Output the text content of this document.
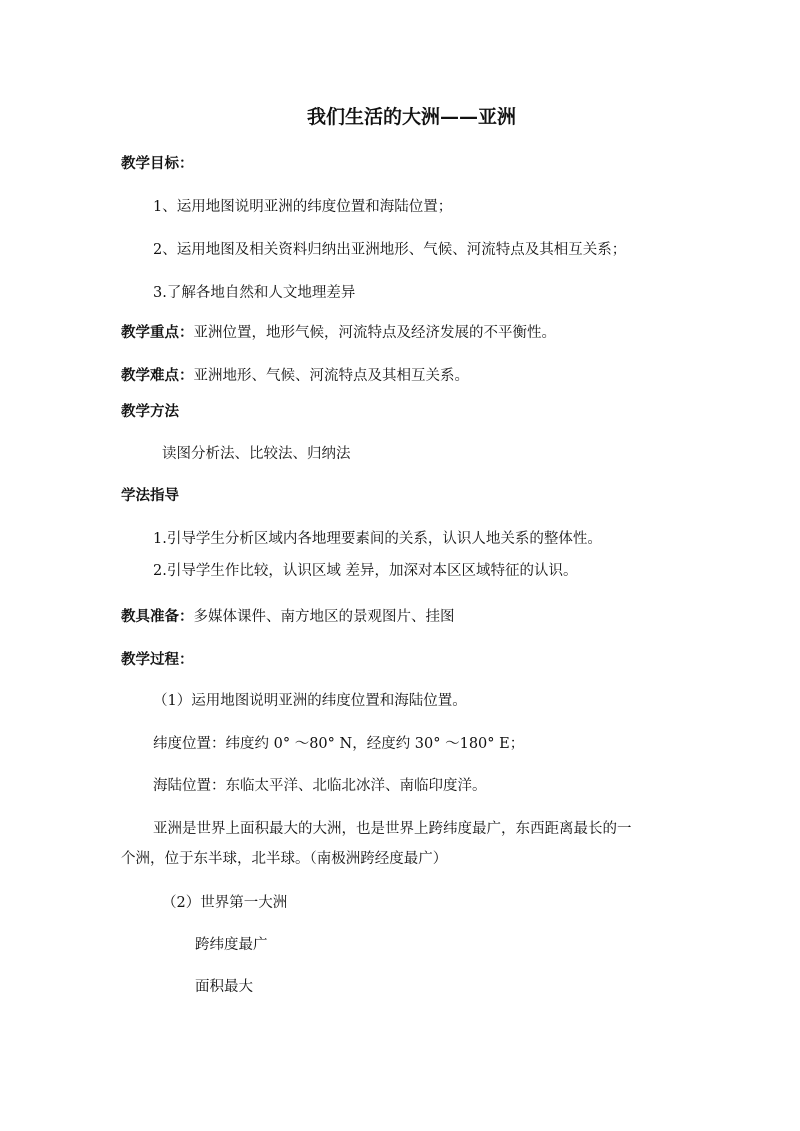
我们生活的大洲——亚洲
教学目标：
1、运用地图说明亚洲的纬度位置和海陆位置；
2、运用地图及相关资料归纳出亚洲地形、气候、河流特点及其相互关系；
3.了解各地自然和人文地理差异
教学重点：亚洲位置，地形气候，河流特点及经济发展的不平衡性。
教学难点：亚洲地形、气候、河流特点及其相互关系。
教学方法
读图分析法、比较法、归纳法
学法指导
1.引导学生分析区域内各地理要素间的关系，认识人地关系的整体性。
2.引导学生作比较，认识区域 差异，加深对本区区域特征的认识。
教具准备：多媒体课件、南方地区的景观图片、挂图
教学过程：
（1）运用地图说明亚洲的纬度位置和海陆位置。
纬度位置：纬度约 0° ～80° N，经度约 30° ～180° E；
海陆位置：东临太平洋、北临北冰洋、南临印度洋。
亚洲是世界上面积最大的大洲，也是世界上跨纬度最广，东西距离最长的一
个洲，位于东半球，北半球。（南极洲跨经度最广）
（2）世界第一大洲
跨纬度最广
面积最大
